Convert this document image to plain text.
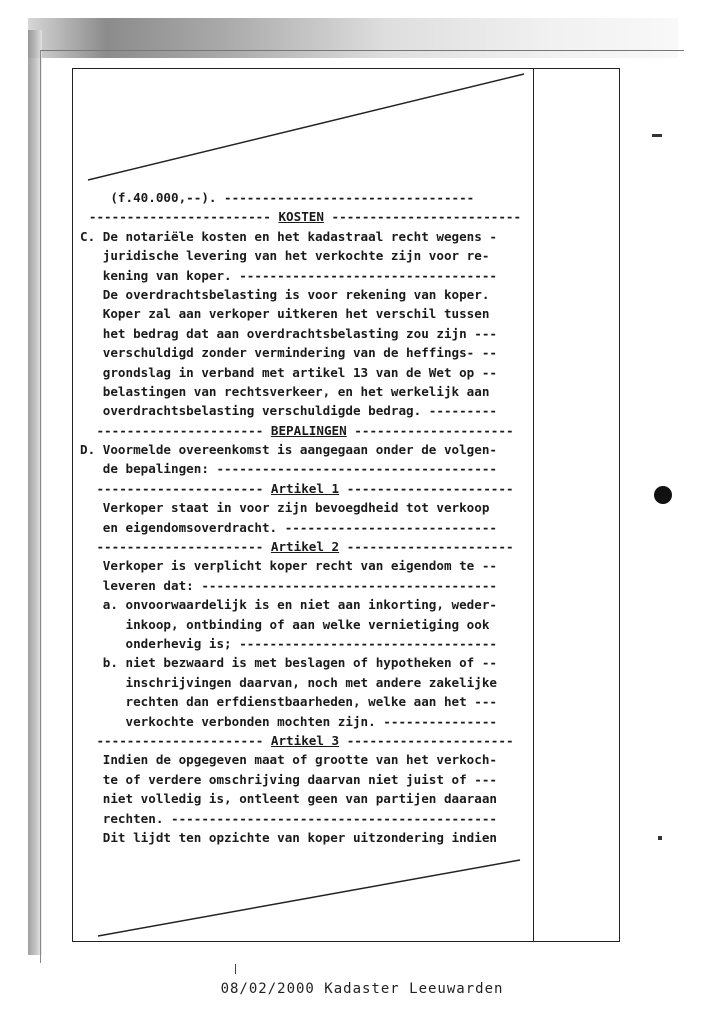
(f.40.000,--). ---------------------------------
------------------------ KOSTEN -------------------------
C. De notariële kosten en het kadastraal recht wegens -
juridische levering van het verkochte zijn voor re-
kening van koper. ----------------------------------
De overdrachtsbelasting is voor rekening van koper.
Koper zal aan verkoper uitkeren het verschil tussen
het bedrag dat aan overdrachtsbelasting zou zijn ---
verschuldigd zonder vermindering van de heffings- --
grondslag in verband met artikel 13 van de Wet op --
belastingen van rechtsverkeer, en het werkelijk aan
overdrachtsbelasting verschuldigde bedrag. ---------
---------------------- BEPALINGEN ---------------------
D. Voormelde overeenkomst is aangegaan onder de volgen-
de bepalingen: -------------------------------------
---------------------- Artikel 1 ----------------------
Verkoper staat in voor zijn bevoegdheid tot verkoop
en eigendomsoverdracht. ----------------------------
---------------------- Artikel 2 ----------------------
Verkoper is verplicht koper recht van eigendom te --
leveren dat: ---------------------------------------
a. onvoorwaardelijk is en niet aan inkorting, weder-
inkoop, ontbinding of aan welke vernietiging ook
onderhevig is; ----------------------------------
b. niet bezwaard is met beslagen of hypotheken of --
inschrijvingen daarvan, noch met andere zakelijke
rechten dan erfdienstbaarheden, welke aan het ---
verkochte verbonden mochten zijn. ---------------
---------------------- Artikel 3 ----------------------
Indien de opgegeven maat of grootte van het verkoch-
te of verdere omschrijving daarvan niet juist of ---
niet volledig is, ontleent geen van partijen daaraan
rechten. -------------------------------------------
Dit lijdt ten opzichte van koper uitzondering indien
08/02/2000 Kadaster Leeuwarden
